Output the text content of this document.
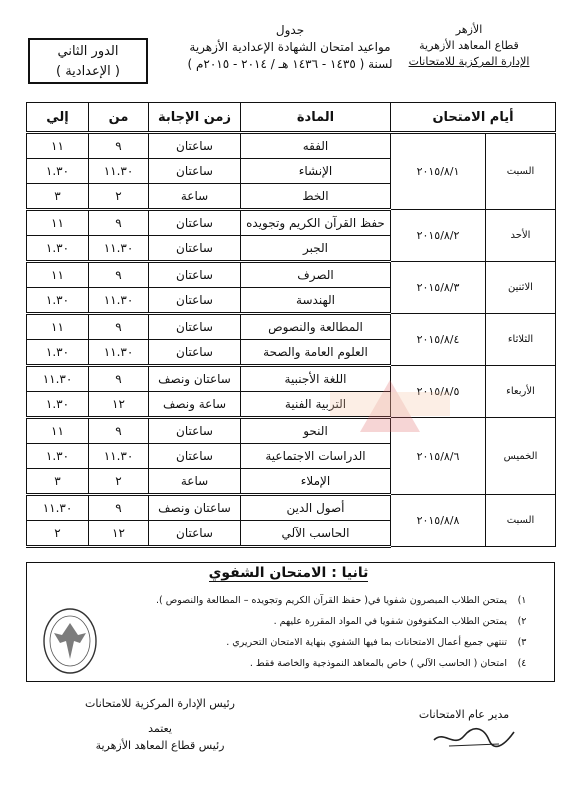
الأزهر
قطاع المعاهد الأزهرية
الإدارة المركزية للامتحانات
جدول
مواعيد امتحان الشهادة الإعدادية الأزهرية
لسنة ( ١٤٣٥ - ١٤٣٦ هـ / ٢٠١٤ - ٢٠١٥م )
الدور الثاني
( الإعدادية )
أيام الامتحان		المادة	زمن الإجابة	من	إلي
السبت	٢٠١٥/٨/١	الفقه	ساعتان	٩	١١
		الإنشاء	ساعتان	١١.٣٠	١.٣٠
		الخط	ساعة	٢	٣
الأحد	٢٠١٥/٨/٢	حفظ القرآن الكريم وتجويده	ساعتان	٩	١١
		الجبر	ساعتان	١١.٣٠	١.٣٠
الاثنين	٢٠١٥/٨/٣	الصرف	ساعتان	٩	١١
		الهندسة	ساعتان	١١.٣٠	١.٣٠
الثلاثاء	٢٠١٥/٨/٤	المطالعة والنصوص	ساعتان	٩	١١
		العلوم العامة والصحة	ساعتان	١١.٣٠	١.٣٠
الأربعاء	٢٠١٥/٨/٥	اللغة الأجنبية	ساعتان ونصف	٩	١١.٣٠
		التربية الفنية	ساعة ونصف	١٢	١.٣٠
الخميس	٢٠١٥/٨/٦	النحو	ساعتان	٩	١١
		الدراسات الاجتماعية	ساعتان	١١.٣٠	١.٣٠
		الإملاء	ساعة	٢	٣
السبت	٢٠١٥/٨/٨	أصول الدين	ساعتان ونصف	٩	١١.٣٠
		الحاسب الآلي	ساعتان	١٢	٢
ثانيا : الامتحان الشفوي
١)
يمتحن الطلاب المبصرون شفويا في( حفظ القرآن الكريم وتجويده – المطالعة والنصوص ).
٢)
يمتحن الطلاب المكفوفون شفويا في المواد المقررة عليهم .
٣)
تنتهي جميع أعمال الامتحانات بما فيها الشفوي بنهاية الامتحان التحريري .
٤)
امتحان ( الحاسب الآلي ) خاص بالمعاهد النموذجية والخاصة فقط .
رئيس الإدارة المركزية للامتحانات
يعتمد
رئيس قطاع المعاهد الأزهرية
مدير عام الامتحانات
